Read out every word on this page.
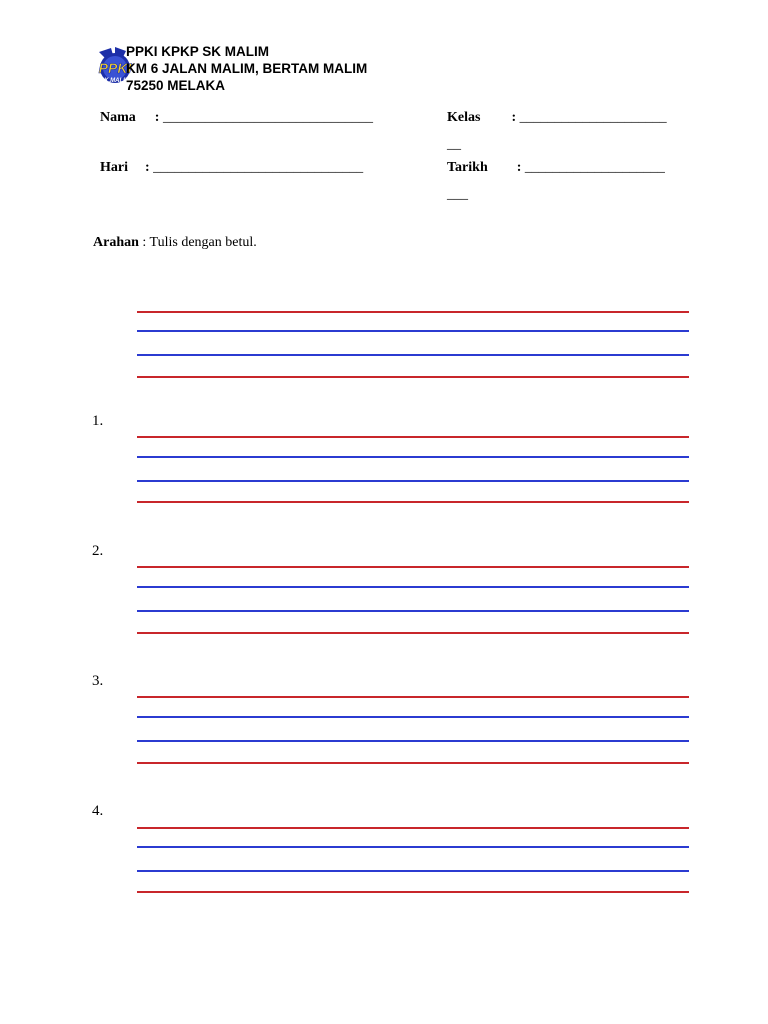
PPKI
SK.MALIM
PPKI KPKP SK MALIM
KM 6 JALAN MALIM, BERTAM MALIM
75250 MELAKA
Nama : ______________________________	Kelas : _____________________
__
Hari : ______________________________	Tarikh : ____________________
___
Arahan : Tulis dengan betul.
1.
2.
3.
4.
